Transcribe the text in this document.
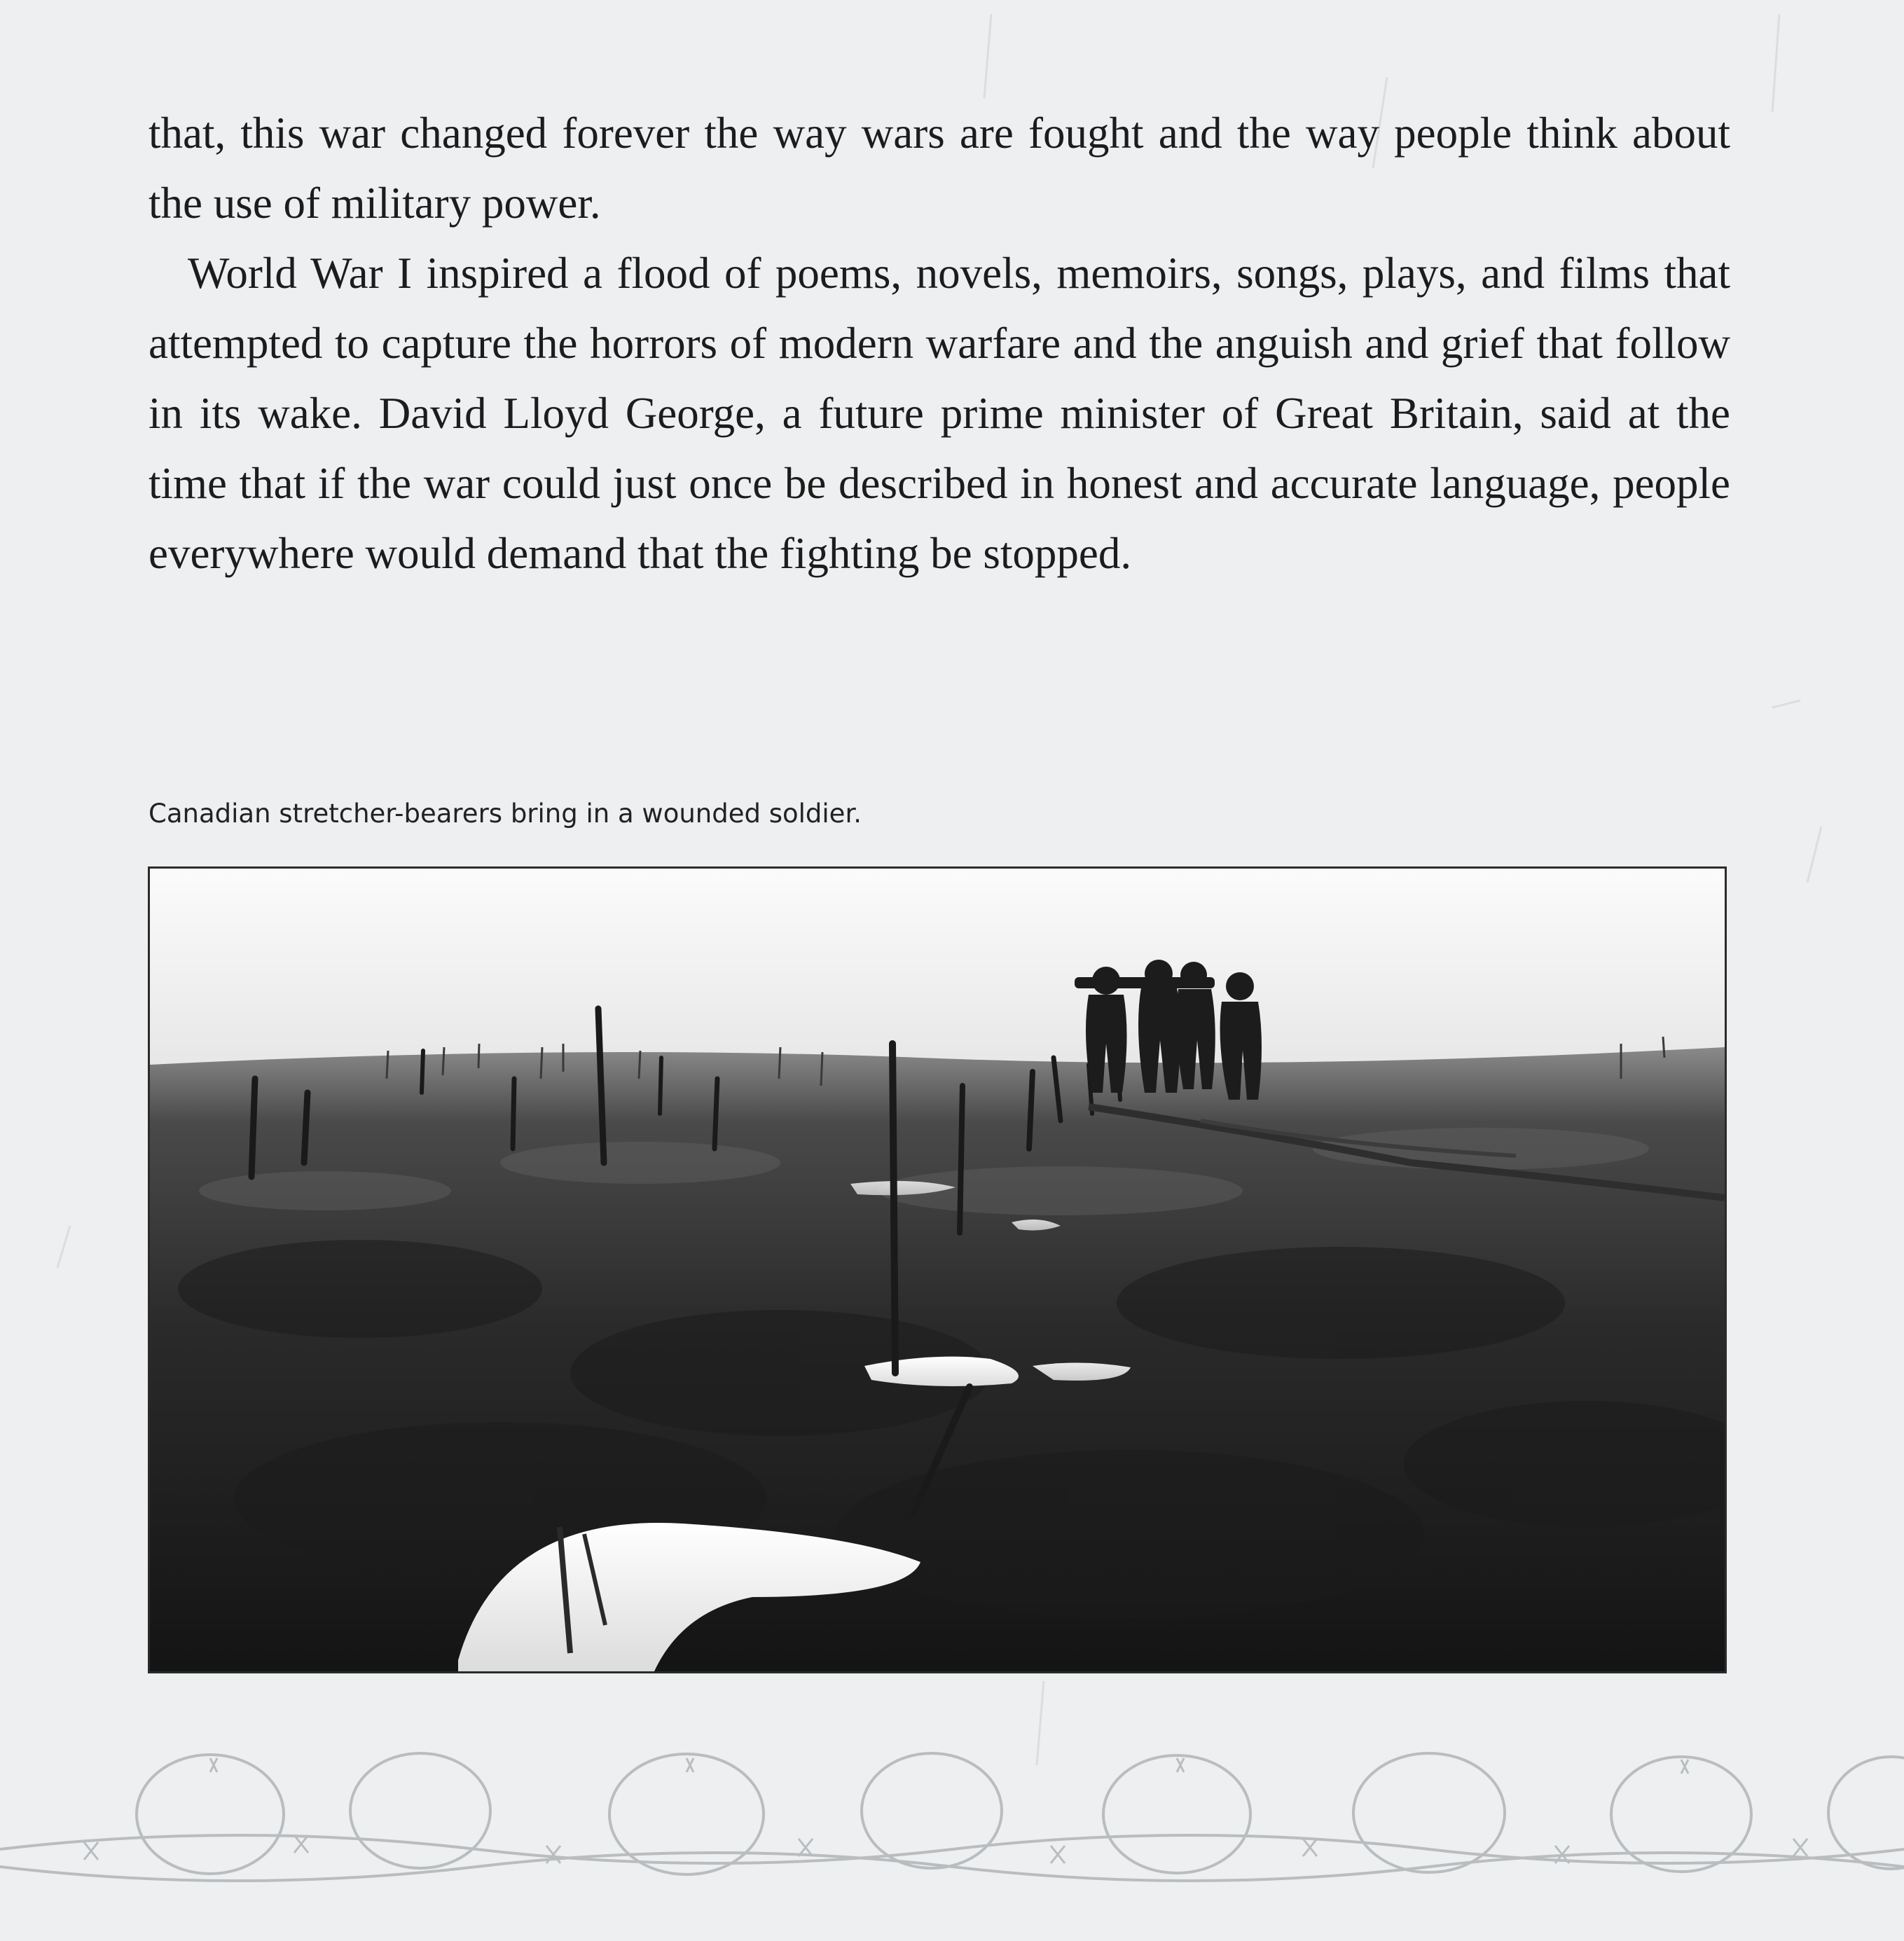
that, this war changed forever the way wars are fought and the way people think about the use of military power.

World War I inspired a flood of poems, novels, memoirs, songs, plays, and films that attempted to capture the horrors of modern warfare and the anguish and grief that follow in its wake. David Lloyd George, a future prime minister of Great Britain, said at the time that if the war could just once be described in honest and accurate language, people everywhere would demand that the fighting be stopped.

Canadian stretcher-bearers bring in a wounded soldier.
